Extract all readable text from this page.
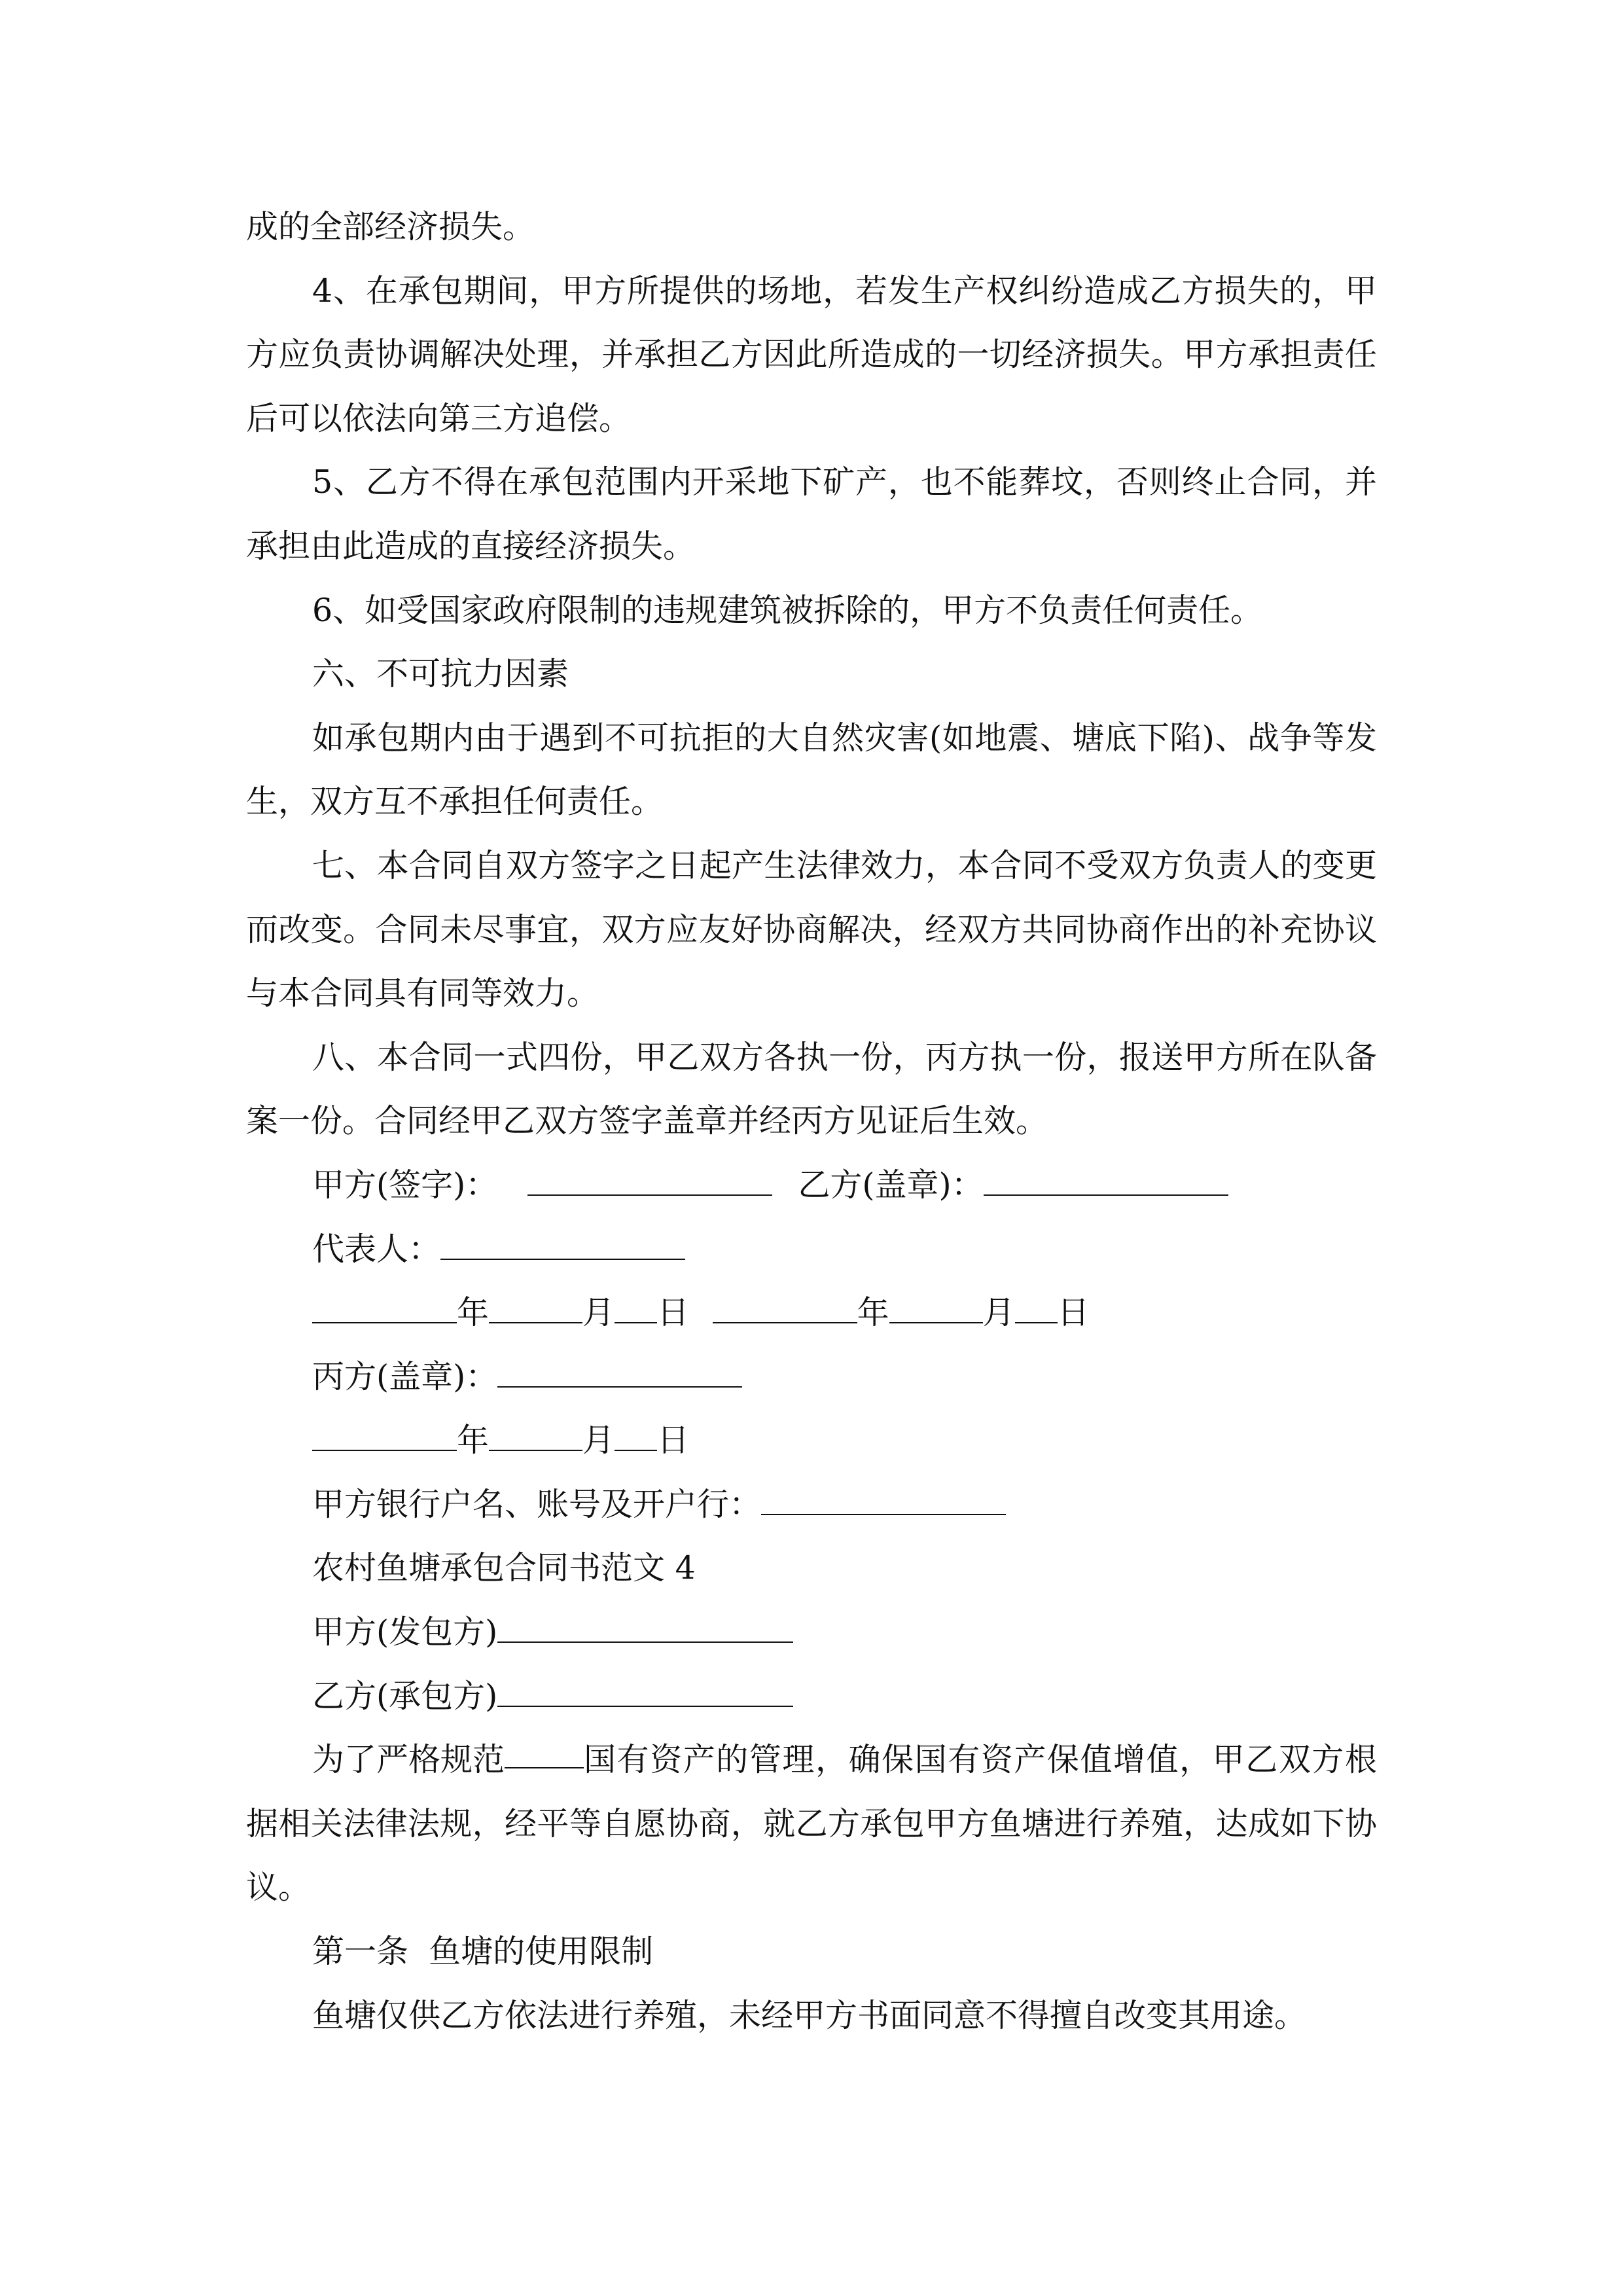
成的全部经济损失。
4、在承包期间，甲方所提供的场地，若发生产权纠纷造成乙方损失的，甲
方应负责协调解决处理，并承担乙方因此所造成的一切经济损失。甲方承担责任
后可以依法向第三方追偿。
5、乙方不得在承包范围内开采地下矿产，也不能葬坟，否则终止合同，并
承担由此造成的直接经济损失。
6、如受国家政府限制的违规建筑被拆除的，甲方不负责任何责任。
六、不可抗力因素
如承包期内由于遇到不可抗拒的大自然灾害(如地震、塘底下陷)、战争等发
生，双方互不承担任何责任。
七、本合同自双方签字之日起产生法律效力，本合同不受双方负责人的变更
而改变。合同未尽事宜，双方应友好协商解决，经双方共同协商作出的补充协议
与本合同具有同等效力。
八、本合同一式四份，甲乙双方各执一份，丙方执一份，报送甲方所在队备
案一份。合同经甲乙双方签字盖章并经丙方见证后生效。
甲方(签字)：	乙方(盖章)：
代表人：
年	月 日	年	月 日
丙方(盖章)：
年	月 日
甲方银行户名、账号及开户行：
农村鱼塘承包合同书范文 4
甲方(发包方)
乙方(承包方)
为了严格规范 国有资产的管理，确保国有资产保值增值，甲乙双方根
据相关法律法规，经平等自愿协商，就乙方承包甲方鱼塘进行养殖，达成如下协
议。
第一条  鱼塘的使用限制
鱼塘仅供乙方依法进行养殖，未经甲方书面同意不得擅自改变其用途。
